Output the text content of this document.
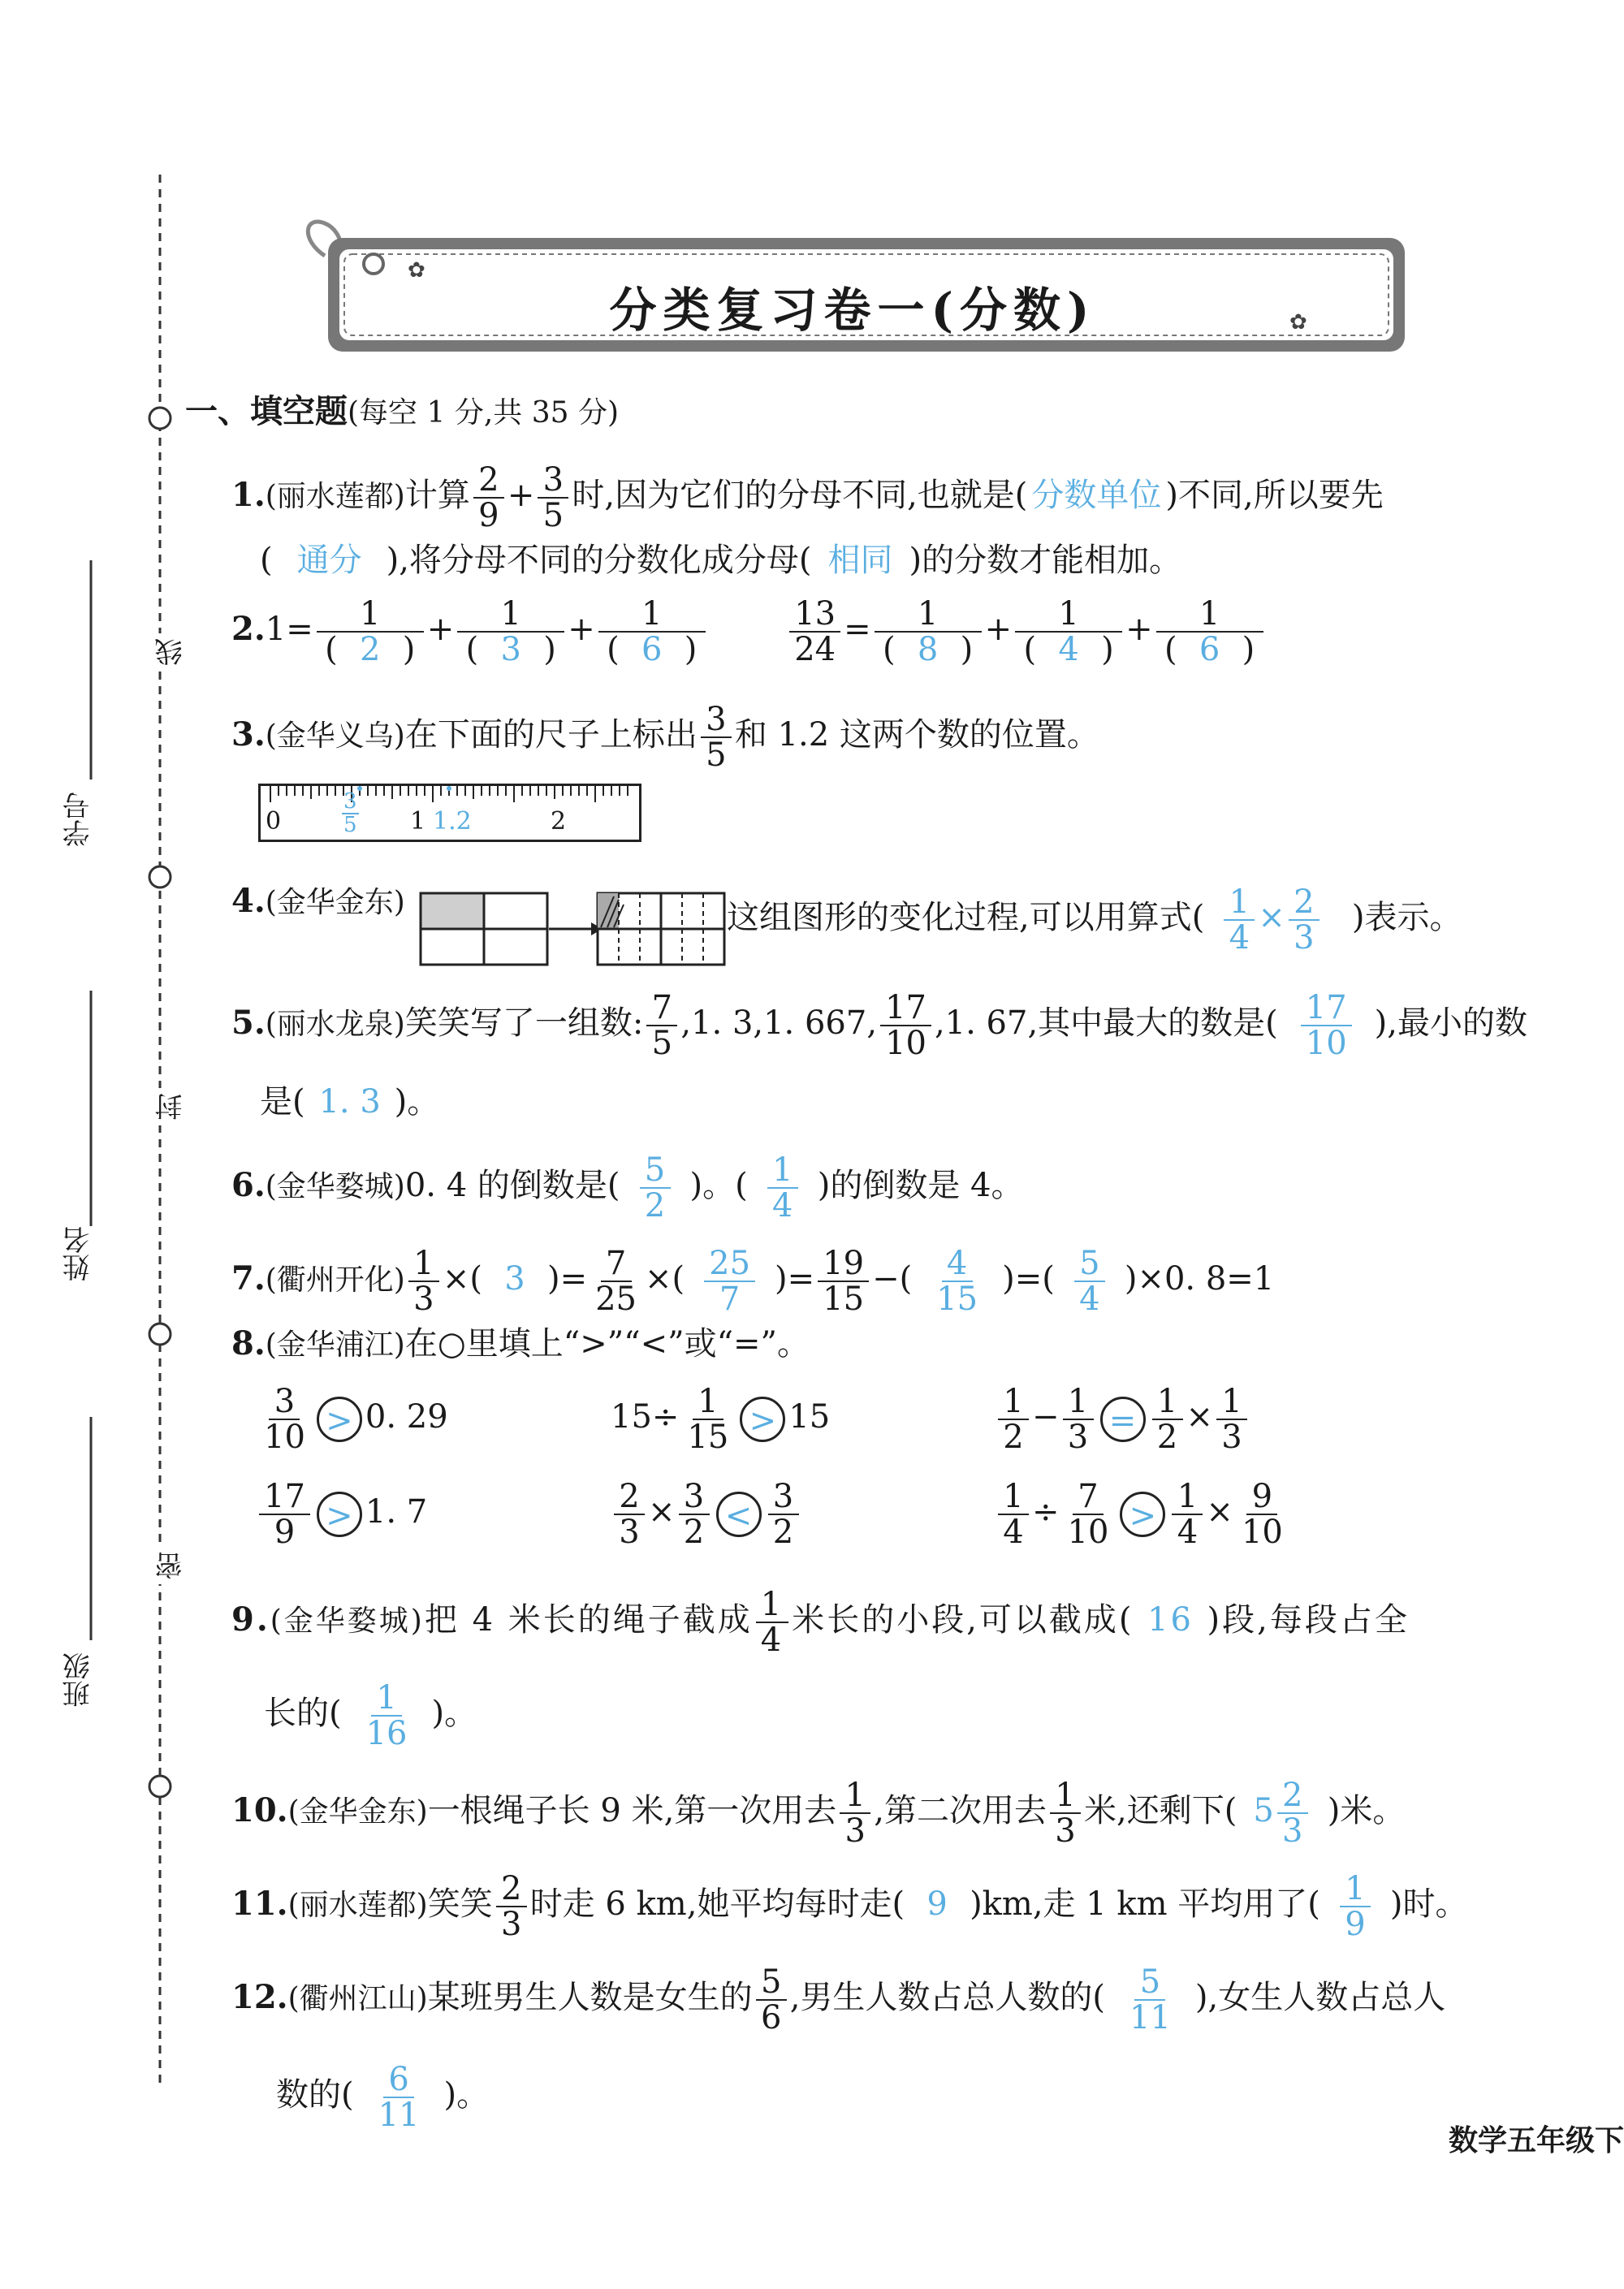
学号
姓名
班级
线
封
密
✿
✿
分类复习卷一(分数)
一、填空题(每空 1 分,共 35 分)
1.(丽水莲都)计算 $\frac{2}{9} + \frac{3}{5}$ 时,因为它们的分母不同,也就是( 分数单位 )不同,所以要先
( 通分 ),将分母不同的分数化成分母( 相同 )的分数才能相加。
$2.1= \frac{1}{( 2 )} + \frac{1}{( 3 )} + \frac{1}{( 6 )}$
	$\frac{13}{24} = \frac{1}{( 8 )} + \frac{1}{( 4 )} + \frac{1}{( 6 )}$
3.(金华义乌)在下面的尺子上标出 $\frac{3}{5}$ 和 1.2 这两个数的位置。
0	1	2
$\frac{3}{5}$	1.2
4.(金华金东)	这组图形的变化过程,可以用算式( $\frac{1}{4} \times \frac{2}{3}$ )表示。
5.(丽水龙泉)笑笑写了一组数: $\frac{7}{5} ,1$. 3,1. 667, $\frac{17}{10} ,1$. 67,其中最大的数是( $\frac{17}{10}$ ),最小的数
是( 1. 3 )。
6.(金华婺城)0. 4 的倒数是( $\frac{5}{2}$ )。( $\frac{1}{4}$ )的倒数是 4。
7.(衢州开化) $\frac{1}{3}$ ×( 3 )= $\frac{7}{25}$ ×( $\frac{25}{7}$ )= $\frac{19}{15}$ −( $\frac{4}{15}$ )=( $\frac{5}{4} )\times 0$. 8=1
8.(金华浦江)在○里填上“>”“<”或“=”。
$\frac{3}{10} > 0$. 29	$15\div \frac{1}{15} > 15$	$\frac{1}{2} - \frac{1}{3} = \frac{1}{2} \times \frac{1}{3}$
$\frac{17}{9} > 1$. 7	$\frac{2}{3} \times \frac{3}{2} < \frac{3}{2}$	$\frac{1}{4} \div \frac{7}{10} > \frac{1}{4} \times \frac{9}{10}$
9.(金华婺城)把 4 米长的绳子截成 $\frac{1}{4}$ 米长的小段,可以截成( 16 )段,每段占全
长的( $\frac{1}{16}$ )。
10.(金华金东)一根绳子长 9 米,第一次用去 $\frac{1}{3}$ ,第二次用去 $\frac{1}{3}$ 米,还剩下( $5 \frac{2}{3}$ )米。
11.(丽水莲都)笑笑 $\frac{2}{3}$ 时走 6 km,她平均每时走( 9 )km,走 1 km 平均用了( $\frac{1}{9}$ )时。
12.(衢州江山)某班男生人数是女生的 $\frac{5}{6}$ ,男生人数占总人数的( $\frac{5}{11}$ ),女生人数占总人
数的( $\frac{6}{11}$ )。
数学五年级下
